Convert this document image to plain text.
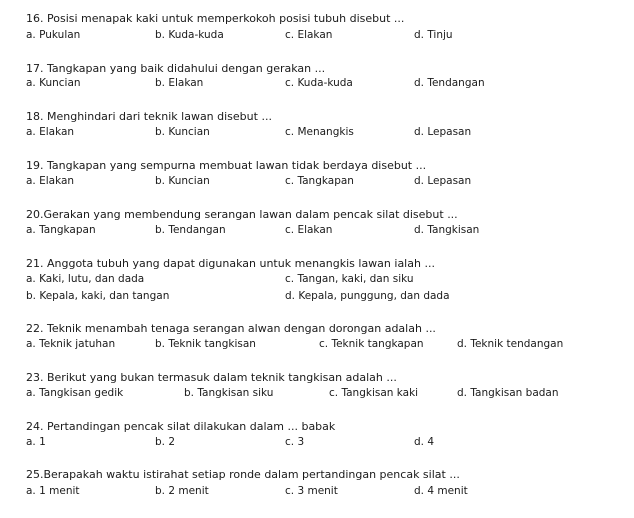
16. Posisi menapak kaki untuk memperkokoh posisi tubuh disebut ...
a. Pukulan	b. Kuda-kuda	c. Elakan	d. Tinju
17. Tangkapan yang baik didahului dengan gerakan ...
a. Kuncian	b. Elakan	c. Kuda-kuda	d. Tendangan
18. Menghindari dari teknik lawan disebut ...
a. Elakan	b. Kuncian	c. Menangkis	d. Lepasan
19. Tangkapan yang sempurna membuat lawan tidak berdaya disebut ...
a. Elakan	b. Kuncian	c. Tangkapan	d. Lepasan
20.Gerakan yang membendung serangan lawan dalam pencak silat disebut ...
a. Tangkapan	b. Tendangan	c. Elakan	d. Tangkisan
21. Anggota tubuh yang dapat digunakan untuk menangkis lawan ialah ...
a. Kaki, lutu, dan dada	c. Tangan, kaki, dan siku
b. Kepala, kaki, dan tangan	d. Kepala, punggung, dan dada
22. Teknik menambah tenaga serangan alwan dengan dorongan adalah ...
a. Teknik jatuhan	b. Teknik tangkisan	c. Teknik tangkapan	d. Teknik tendangan
23. Berikut yang bukan termasuk dalam teknik tangkisan adalah ...
a. Tangkisan gedik	b. Tangkisan siku	c. Tangkisan kaki	d. Tangkisan badan
24. Pertandingan pencak silat dilakukan dalam ... babak
a. 1	b. 2	c. 3	d. 4
25.Berapakah waktu istirahat setiap ronde dalam pertandingan pencak silat ...
a. 1 menit	b. 2 menit	c. 3 menit	d. 4 menit
